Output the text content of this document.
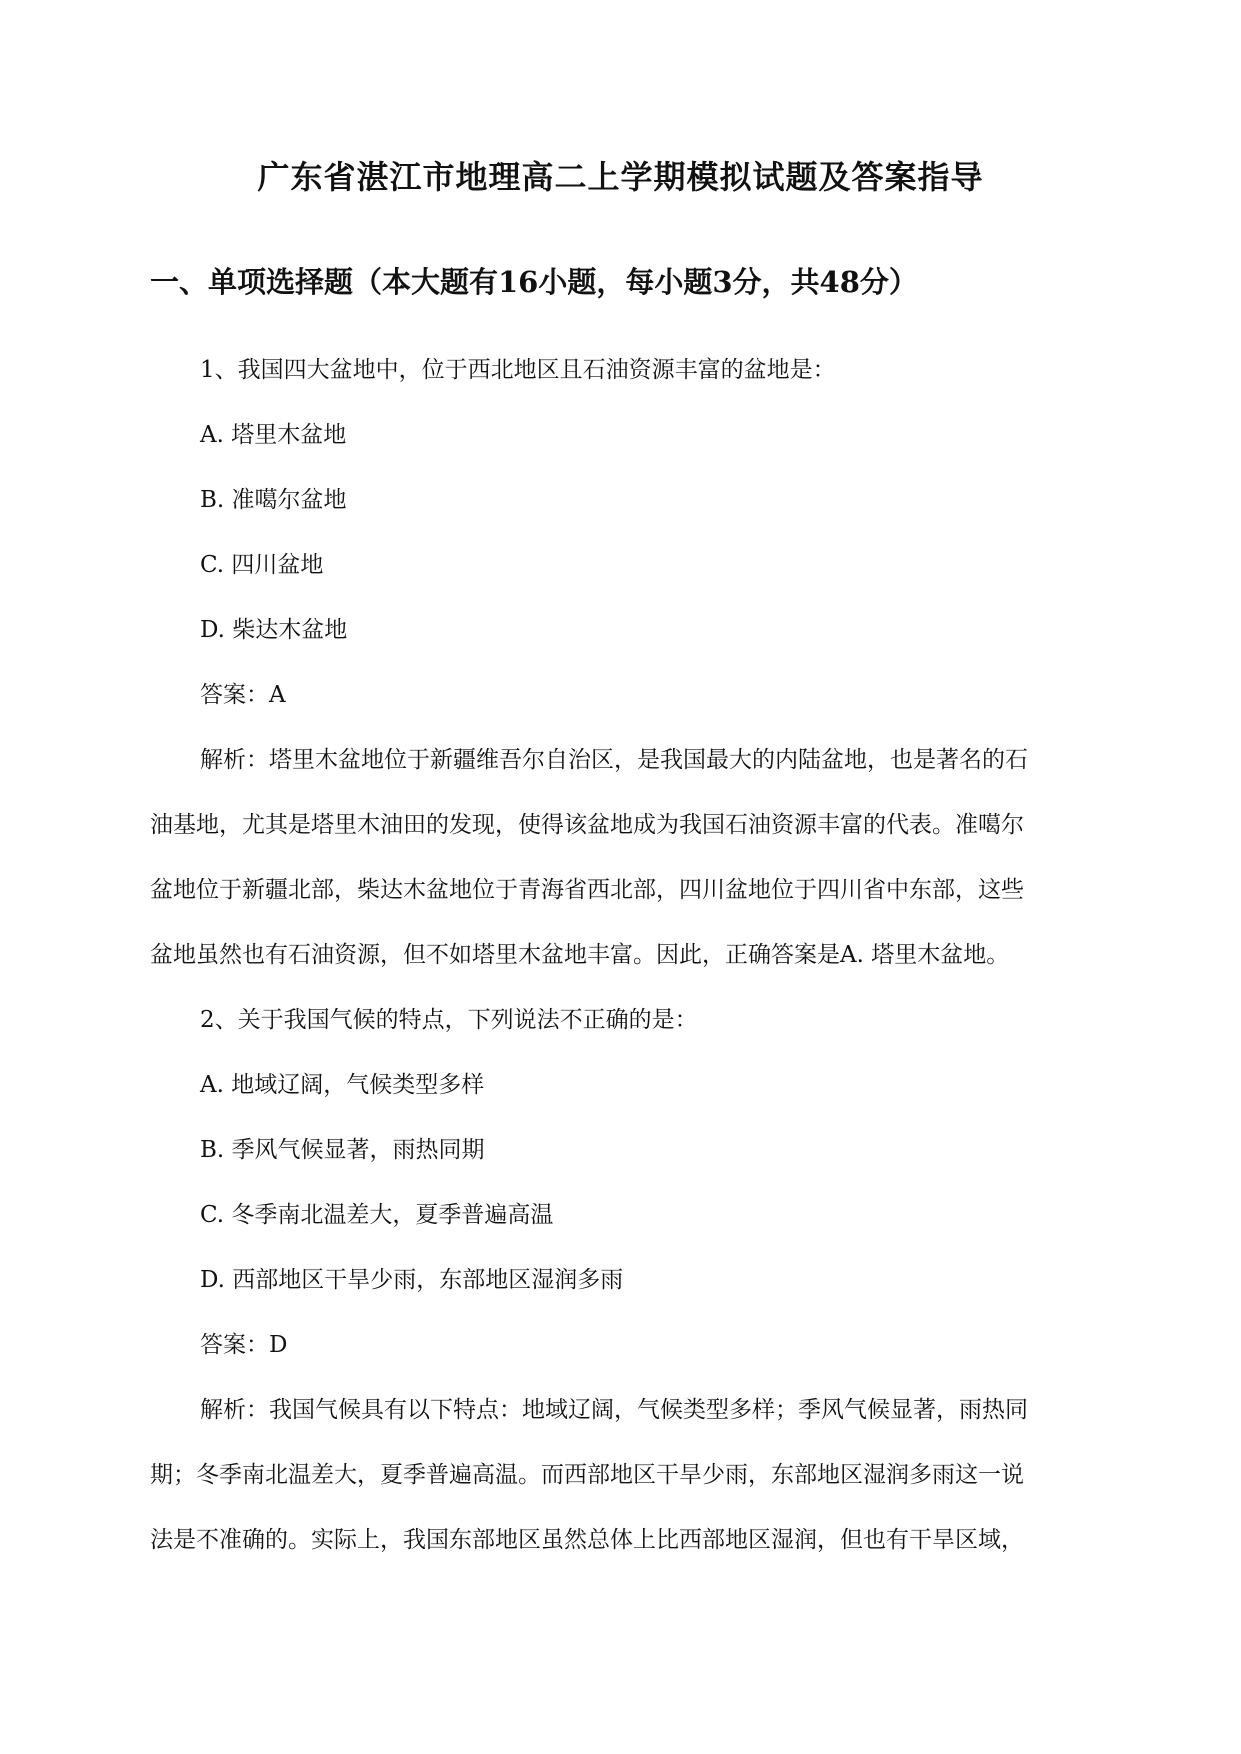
广东省湛江市地理高二上学期模拟试题及答案指导
一、单项选择题（本大题有16小题，每小题3分，共48分）

1、我国四大盆地中，位于西北地区且石油资源丰富的盆地是：

A. 塔里木盆地

B. 准噶尔盆地

C. 四川盆地

D. 柴达木盆地

答案：A

解析：塔里木盆地位于新疆维吾尔自治区，是我国最大的内陆盆地，也是著名的石

油基地，尤其是塔里木油田的发现，使得该盆地成为我国石油资源丰富的代表。准噶尔

盆地位于新疆北部，柴达木盆地位于青海省西北部，四川盆地位于四川省中东部，这些

盆地虽然也有石油资源，但不如塔里木盆地丰富。因此，正确答案是A. 塔里木盆地。

2、关于我国气候的特点，下列说法不正确的是：

A. 地域辽阔，气候类型多样

B. 季风气候显著，雨热同期

C. 冬季南北温差大，夏季普遍高温

D. 西部地区干旱少雨，东部地区湿润多雨

答案：D

解析：我国气候具有以下特点：地域辽阔，气候类型多样；季风气候显著，雨热同

期；冬季南北温差大，夏季普遍高温。而西部地区干旱少雨，东部地区湿润多雨这一说

法是不准确的。实际上，我国东部地区虽然总体上比西部地区湿润，但也有干旱区域，
